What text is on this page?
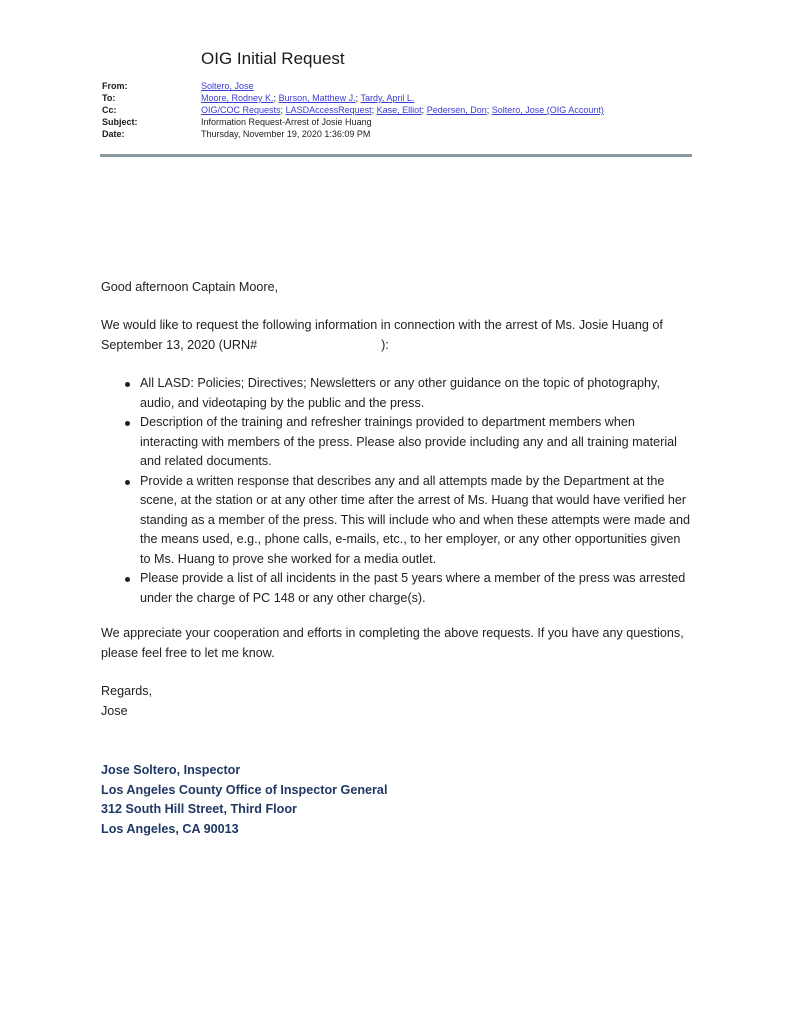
OIG Initial Request
From:	Soltero, Jose
To:	Moore, Rodney K.; Burson, Matthew J.; Tardy, April L.
Cc:	OIG/COC Requests; LASDAccessRequest; Kase, Elliot; Pedersen, Don; Soltero, Jose (OIG Account)
Subject:	Information Request-Arrest of Josie Huang
Date:	Thursday, November 19, 2020 1:36:09 PM
Good afternoon Captain Moore,
We would like to request the following information in connection with the arrest of Ms. Josie Huang of September 13, 2020 (URN#	):
All LASD: Policies; Directives; Newsletters or any other guidance on the topic of photography, audio, and videotaping by the public and the press.
Description of the training and refresher trainings provided to department members when interacting with members of the press. Please also provide including any and all training material and related documents.
Provide a written response that describes any and all attempts made by the Department at the scene, at the station or at any other time after the arrest of Ms. Huang that would have verified her standing as a member of the press. This will include who and when these attempts were made and the means used, e.g., phone calls, e-mails, etc., to her employer, or any other opportunities given to Ms. Huang to prove she worked for a media outlet.
Please provide a list of all incidents in the past 5 years where a member of the press was arrested under the charge of PC 148 or any other charge(s).
We appreciate your cooperation and efforts in completing the above requests. If you have any questions, please feel free to let me know.
Regards,
Jose
Jose Soltero, Inspector
Los Angeles County Office of Inspector General
312 South Hill Street, Third Floor
Los Angeles, CA 90013
